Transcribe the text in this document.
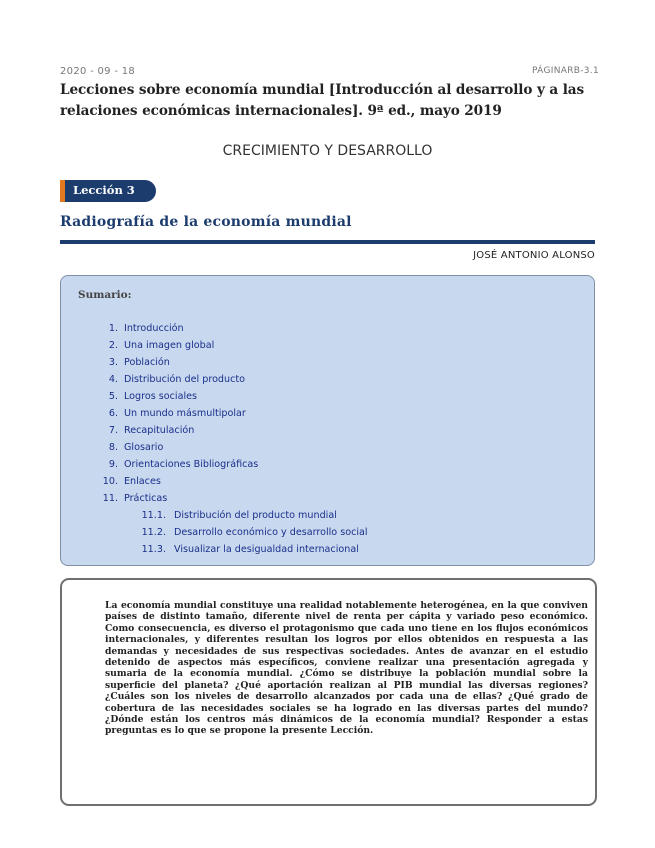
2020 - 09 - 18	PÁGINARB-3.1
Lecciones sobre economía mundial [Introducción al desarrollo y a las relaciones económicas internacionales]. 9ª ed., mayo 2019
CRECIMIENTO Y DESARROLLO
Lección 3
Radiografía de la economía mundial
JOSÉ ANTONIO ALONSO
Sumario:
1. Introducción
2. Una imagen global
3. Población
4. Distribución del producto
5. Logros sociales
6. Un mundo másmultipolar
7. Recapitulación
8. Glosario
9. Orientaciones Bibliográficas
10. Enlaces
11. Prácticas
11.1. Distribución del producto mundial
11.2. Desarrollo económico y desarrollo social
11.3. Visualizar la desigualdad internacional

La economía mundial constituye una realidad notablemente heterogénea, en la que conviven países de distinto tamaño, diferente nivel de renta per cápita y variado peso económico. Como consecuencia, es diverso el protagonismo que cada uno tiene en los flujos económicos internacionales, y diferentes resultan los logros por ellos obtenidos en respuesta a las demandas y necesidades de sus respectivas sociedades. Antes de avanzar en el estudio detenido de aspectos más específicos, conviene realizar una presentación agregada y sumaria de la economía mundial. ¿Cómo se distribuye la población mundial sobre la superficie del planeta? ¿Qué aportación realizan al PIB mundial las diversas regiones? ¿Cuáles son los niveles de desarrollo alcanzados por cada una de ellas? ¿Qué grado de cobertura de las necesidades sociales se ha logrado en las diversas partes del mundo? ¿Dónde están los centros más dinámicos de la economía mundial? Responder a estas preguntas es lo que se propone la presente Lección.
